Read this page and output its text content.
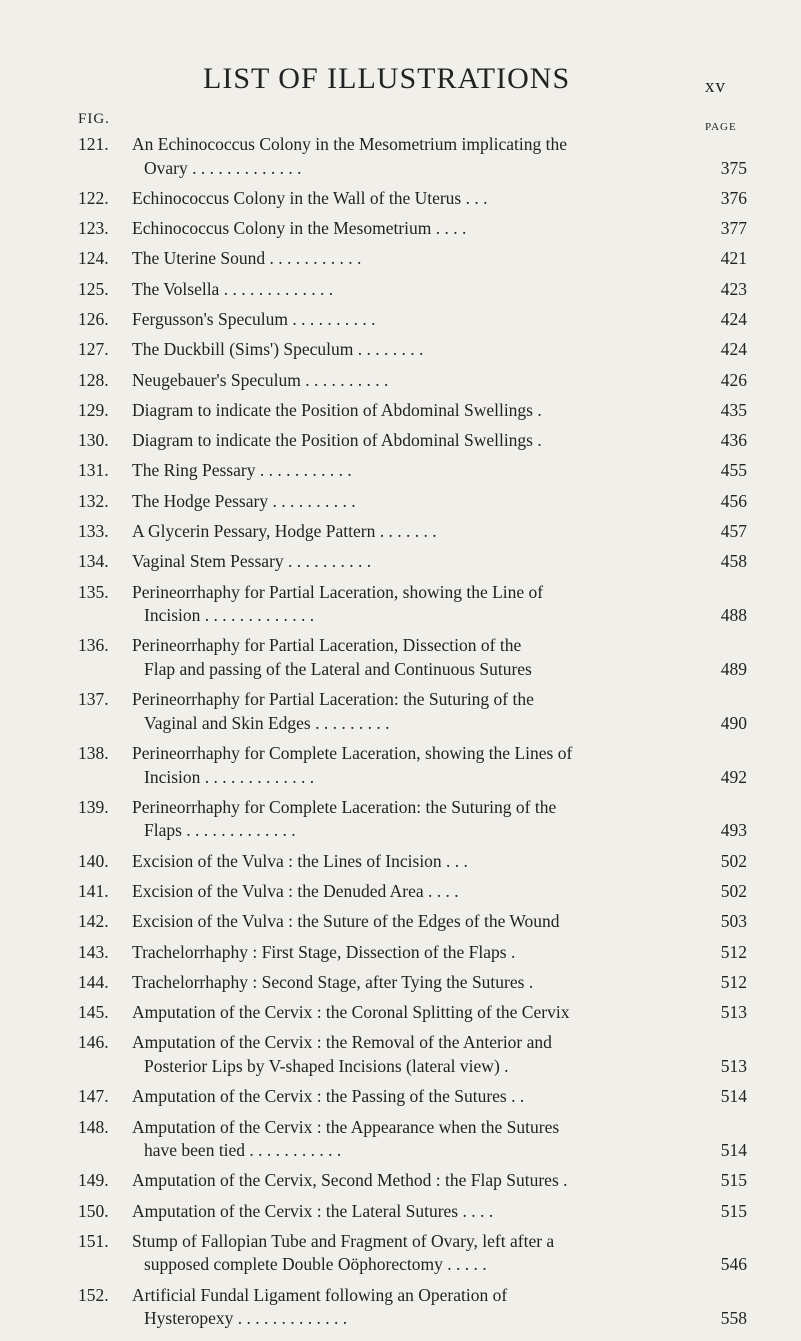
LIST OF ILLUSTRATIONS	xv
FIG.	PAGE
121. An Echinococcus Colony in the Mesometrium implicating the
Ovary . . . . . . . . . . . . .	375
122. Echinococcus Colony in the Wall of the Uterus . . .	376
123. Echinococcus Colony in the Mesometrium . . . .	377
124. The Uterine Sound . . . . . . . . . . .	421
125. The Volsella . . . . . . . . . . . . .	423
126. Fergusson's Speculum . . . . . . . . . .	424
127. The Duckbill (Sims') Speculum . . . . . . . .	424
128. Neugebauer's Speculum . . . . . . . . . .	426
129. Diagram to indicate the Position of Abdominal Swellings .	435
130. Diagram to indicate the Position of Abdominal Swellings .	436
131. The Ring Pessary . . . . . . . . . . .	455
132. The Hodge Pessary . . . . . . . . . .	456
133. A Glycerin Pessary, Hodge Pattern . . . . . . .	457
134. Vaginal Stem Pessary . . . . . . . . . .	458
135. Perineorrhaphy for Partial Laceration, showing the Line of
Incision . . . . . . . . . . . . .	488
136. Perineorrhaphy for Partial Laceration, Dissection of the
Flap and passing of the Lateral and Continuous Sutures	489
137. Perineorrhaphy for Partial Laceration: the Suturing of the
Vaginal and Skin Edges . . . . . . . . .	490
138. Perineorrhaphy for Complete Laceration, showing the Lines of
Incision . . . . . . . . . . . . .	492
139. Perineorrhaphy for Complete Laceration: the Suturing of the
Flaps . . . . . . . . . . . . .	493
140. Excision of the Vulva : the Lines of Incision . . .	502
141. Excision of the Vulva : the Denuded Area . . . .	502
142. Excision of the Vulva : the Suture of the Edges of the Wound	503
143. Trachelorrhaphy : First Stage, Dissection of the Flaps .	512
144. Trachelorrhaphy : Second Stage, after Tying the Sutures .	512
145. Amputation of the Cervix : the Coronal Splitting of the Cervix	513
146. Amputation of the Cervix : the Removal of the Anterior and
Posterior Lips by V-shaped Incisions (lateral view) .	513
147. Amputation of the Cervix : the Passing of the Sutures . .	514
148. Amputation of the Cervix : the Appearance when the Sutures
have been tied . . . . . . . . . . .	514
149. Amputation of the Cervix, Second Method : the Flap Sutures .	515
150. Amputation of the Cervix : the Lateral Sutures . . . .	515
151. Stump of Fallopian Tube and Fragment of Ovary, left after a
supposed complete Double Oöphorectomy . . . . .	546
152. Artificial Fundal Ligament following an Operation of
Hysteropexy . . . . . . . . . . . . .	558
